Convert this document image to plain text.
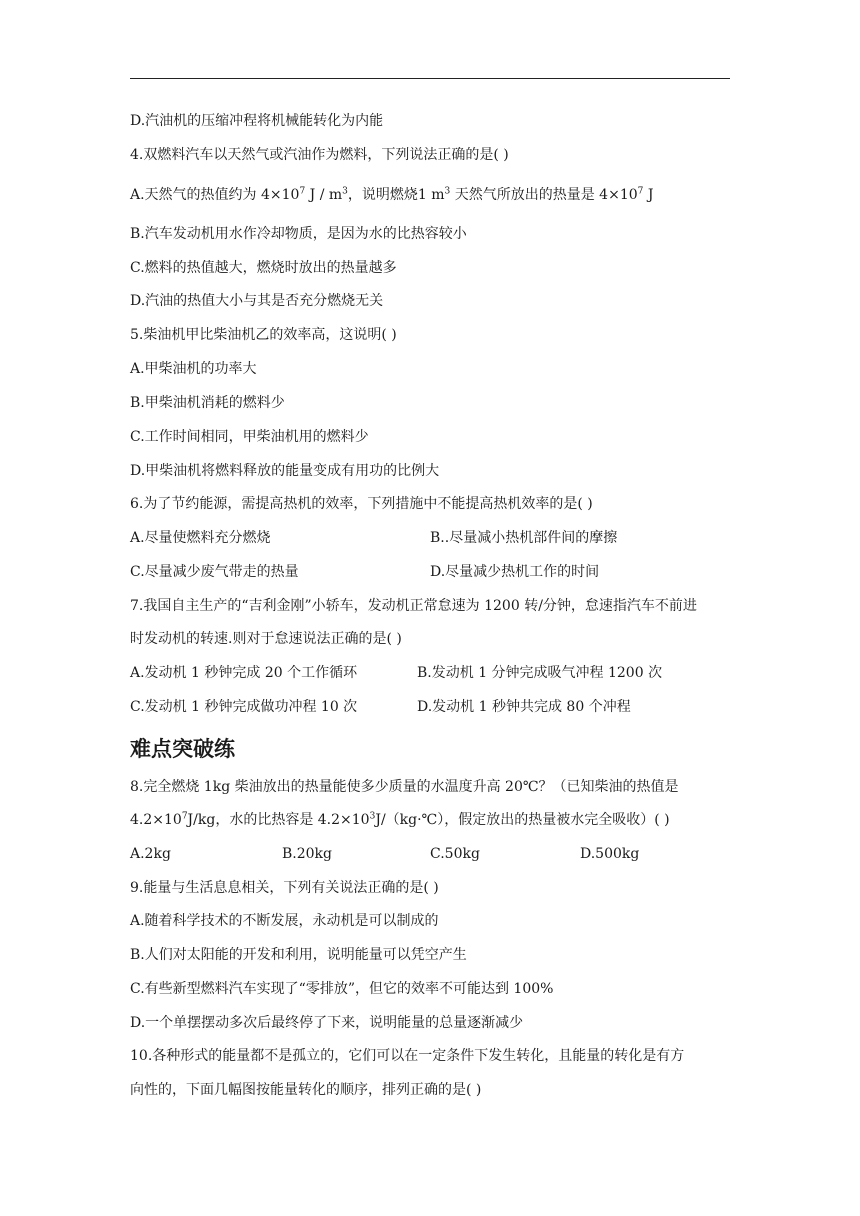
D.汽油机的压缩冲程将机械能转化为内能
4.双燃料汽车以天然气或汽油作为燃料，下列说法正确的是( )
A.天然气的热值约为 $4\times 10^7$ J / $m^3$，说明燃烧1 $m^3$ 天然气所放出的热量是 $4\times 10^7$ J
B.汽车发动机用水作冷却物质，是因为水的比热容较小
C.燃料的热值越大，燃烧时放出的热量越多
D.汽油的热值大小与其是否充分燃烧无关
5.柴油机甲比柴油机乙的效率高，这说明( )
A.甲柴油机的功率大
B.甲柴油机消耗的燃料少
C.工作时间相同，甲柴油机用的燃料少
D.甲柴油机将燃料释放的能量变成有用功的比例大
6.为了节约能源，需提高热机的效率，下列措施中不能提高热机效率的是( )
A.尽量使燃料充分燃烧	B..尽量减小热机部件间的摩擦
C.尽量减少废气带走的热量	D.尽量减少热机工作的时间
7.我国自主生产的“吉利金刚”小轿车，发动机正常怠速为 1200 转/分钟，怠速指汽车不前进
时发动机的转速.则对于怠速说法正确的是( )
A.发动机 1 秒钟完成 20 个工作循环	B.发动机 1 分钟完成吸气冲程 1200 次
C.发动机 1 秒钟完成做功冲程 10 次	D.发动机 1 秒钟共完成 80 个冲程
难点突破练
8.完全燃烧 1kg 柴油放出的热量能使多少质量的水温度升高 20℃？（已知柴油的热值是
$4.2\times 10^7J/kg$，水的比热容是 $4.2\times 10^3J/(kg\cdot℃)$，假定放出的热量被水完全吸收）( )
A.2kg	B.20kg	C.50kg	D.500kg
9.能量与生活息息相关，下列有关说法正确的是( )
A.随着科学技术的不断发展，永动机是可以制成的
B.人们对太阳能的开发和利用，说明能量可以凭空产生
C.有些新型燃料汽车实现了“零排放”，但它的效率不可能达到 100%
D.一个单摆摆动多次后最终停了下来，说明能量的总量逐渐减少
10.各种形式的能量都不是孤立的，它们可以在一定条件下发生转化，且能量的转化是有方
向性的，下面几幅图按能量转化的顺序，排列正确的是( )
